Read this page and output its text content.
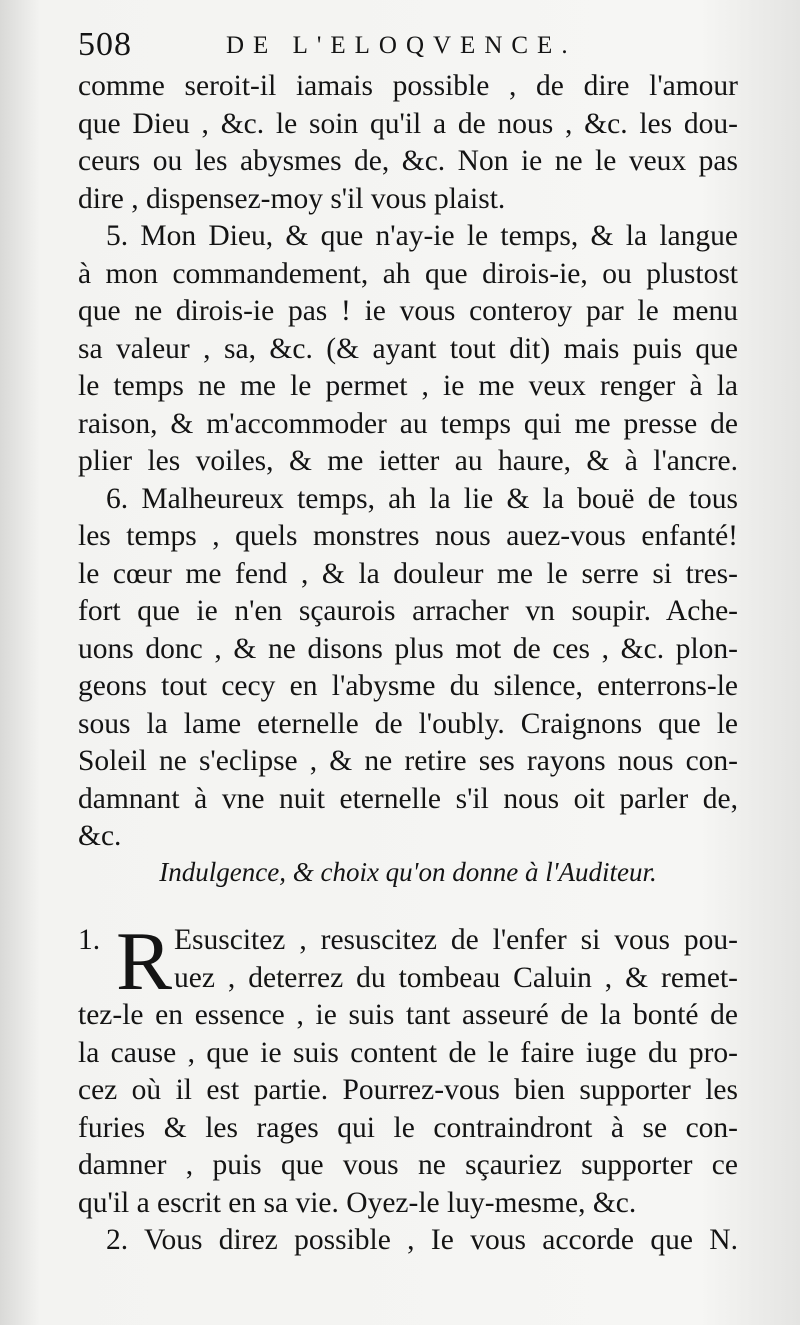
508	DE L'ELOQVENCE.
comme seroit-il iamais possible , de dire l'amour
que Dieu , &c. le soin qu'il a de nous , &c. les dou-
ceurs ou les abysmes de, &c. Non ie ne le veux pas
dire , dispensez-moy s'il vous plaist.
5. Mon Dieu, & que n'ay-ie le temps, & la langue
à mon commandement, ah que dirois-ie, ou plustost
que ne dirois-ie pas ! ie vous conteroy par le menu
sa valeur , sa, &c. (& ayant tout dit) mais puis que
le temps ne me le permet , ie me veux renger à la
raison, & m'accommoder au temps qui me presse de
plier les voiles, & me ietter au haure, & à l'ancre.
6. Malheureux temps, ah la lie & la bouë de tous
les temps , quels monstres nous auez-vous enfanté!
le cœur me fend , & la douleur me le serre si tres-
fort que ie n'en sçaurois arracher vn soupir. Ache-
uons donc , & ne disons plus mot de ces , &c. plon-
geons tout cecy en l'abysme du silence, enterrons-le
sous la lame eternelle de l'oubly. Craignons que le
Soleil ne s'eclipse , & ne retire ses rayons nous con-
damnant à vne nuit eternelle s'il nous oit parler de,
&c.
Indulgence, & choix qu'on donne à l'Auditeur.
1. R Esuscitez , resuscitez de l'enfer si vous pou-
uez , deterrez du tombeau Caluin , & remet-
tez-le en essence , ie suis tant asseuré de la bonté de
la cause , que ie suis content de le faire iuge du pro-
cez où il est partie. Pourrez-vous bien supporter les
furies & les rages qui le contraindront à se con-
damner , puis que vous ne sçauriez supporter ce
qu'il a escrit en sa vie. Oyez-le luy-mesme, &c.
2. Vous direz possible , Ie vous accorde que N.
